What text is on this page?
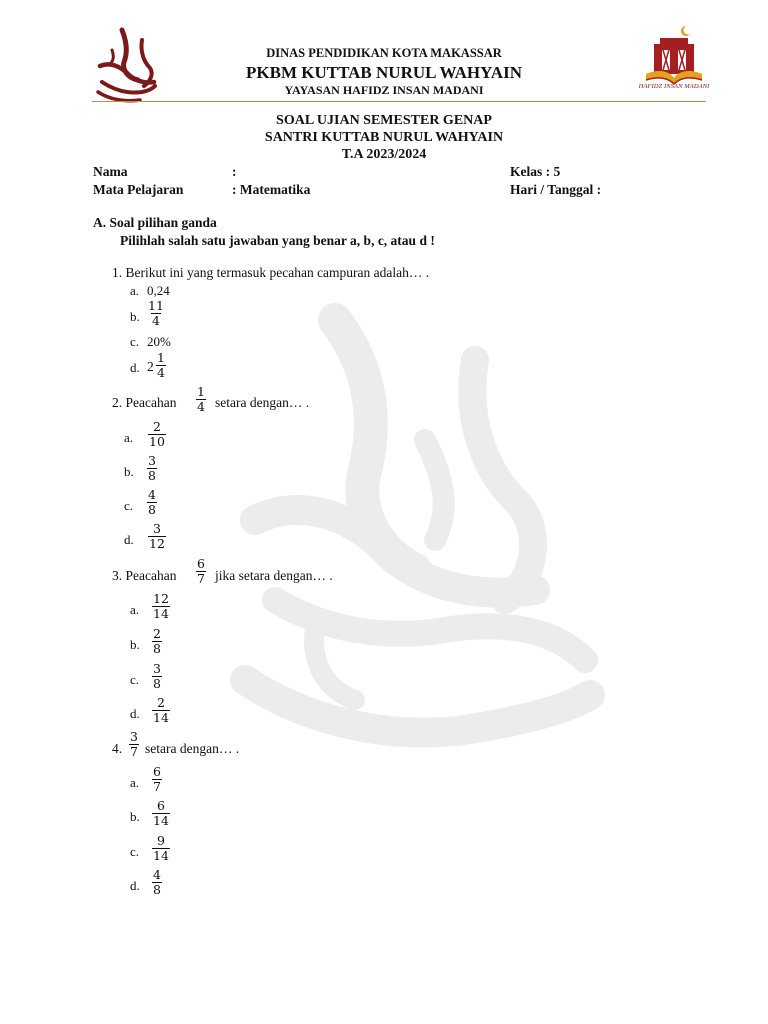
HAFIDZ INSAN MADANI
DINAS PENDIDIKAN KOTA MAKASSAR
PKBM KUTTAB NURUL WAHYAIN
YAYASAN HAFIDZ INSAN MADANI
SOAL UJIAN SEMESTER GENAP
SANTRI KUTTAB NURUL WAHYAIN
T.A 2023/2024
Nama	:	Kelas : 5
Mata Pelajaran	: Matematika	Hari / Tanggal :
A. Soal pilihan ganda
Pilihlah salah satu jawaban yang benar a, b, c, atau d !
1. Berikut ini yang termasuk pecahan campuran adalah… .
a. 0,24
b. $\frac{11}{4}$
c. 20%
d. $2 \frac{1}{4}$
2. Peacahan $\frac{1}{4}$ setara dengan… .
a. $\frac{2}{10}$
b. $\frac{3}{8}$
c. $\frac{4}{8}$
d. $\frac{3}{12}$
3. Peacahan $\frac{6}{7}$ jika setara dengan… .
a. $\frac{12}{14}$
b. $\frac{2}{8}$
c. $\frac{3}{8}$
d. $\frac{2}{14}$
4. $\frac{3}{7}$ setara dengan… .
a. $\frac{6}{7}$
b. $\frac{6}{14}$
c. $\frac{9}{14}$
d. $\frac{4}{8}$
